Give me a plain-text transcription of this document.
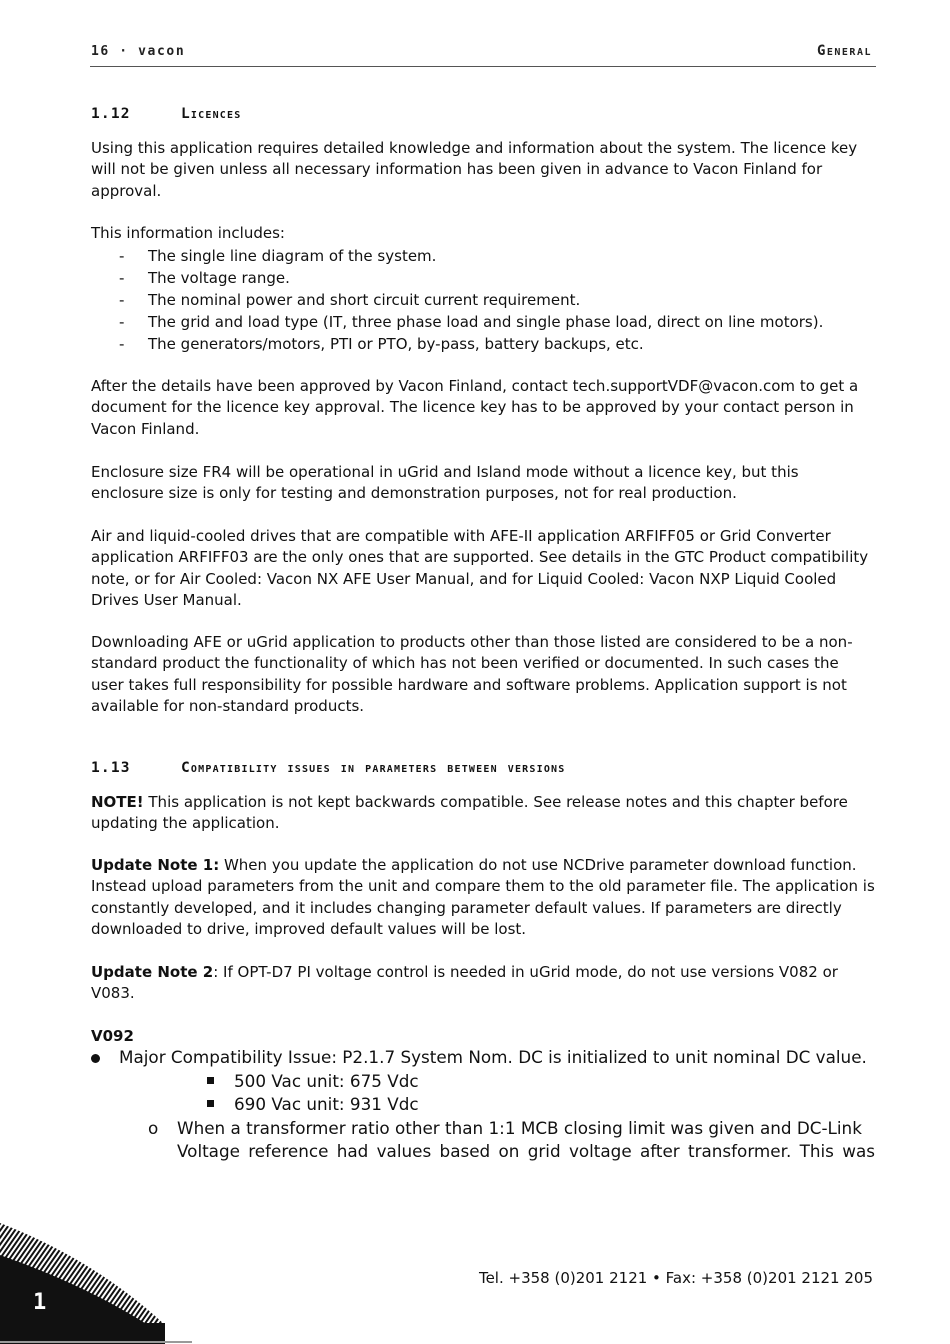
16 · vacon	General
1.12	Licences

Using this application requires detailed knowledge and information about the system. The licence key will not be given unless all necessary information has been given in advance to Vacon Finland for approval.

This information includes:

- The single line diagram of the system.
- The voltage range.
- The nominal power and short circuit current requirement.
- The grid and load type (IT, three phase load and single phase load, direct on line motors).
- The generators/motors, PTI or PTO, by-pass, battery backups, etc.

After the details have been approved by Vacon Finland, contact tech.supportVDF@vacon.com to get a document for the licence key approval. The licence key has to be approved by your contact person in Vacon Finland.

Enclosure size FR4 will be operational in uGrid and Island mode without a licence key, but this enclosure size is only for testing and demonstration purposes, not for real production.

Air and liquid-cooled drives that are compatible with AFE-II application ARFIFF05 or Grid Converter application ARFIFF03 are the only ones that are supported. See details in the GTC Product compatibility note, or for Air Cooled: Vacon NX AFE User Manual, and for Liquid Cooled: Vacon NXP Liquid Cooled Drives User Manual.

Downloading AFE or uGrid application to products other than those listed are considered to be a non-standard product the functionality of which has not been verified or documented. In such cases the user takes full responsibility for possible hardware and software problems. Application support is not available for non-standard products.

1.13	Compatibility issues in parameters between versions

NOTE! This application is not kept backwards compatible. See release notes and this chapter before updating the application.

Update Note 1: When you update the application do not use NCDrive parameter download function. Instead upload parameters from the unit and compare them to the old parameter file. The application is constantly developed, and it includes changing parameter default values. If parameters are directly downloaded to drive, improved default values will be lost.

Update Note 2: If OPT-D7 PI voltage control is needed in uGrid mode, do not use versions V082 or V083.

V092

Major Compatibility Issue: P2.1.7 System Nom. DC is initialized to unit nominal DC value.

500 Vac unit: 675 Vdc

690 Vac unit: 931 Vdc

o When a transformer ratio other than 1:1 MCB closing limit was given and DC-Link

Voltage reference had values based on grid voltage after transformer. This was

1
Tel. +358 (0)201 2121 • Fax: +358 (0)201 2121 205
